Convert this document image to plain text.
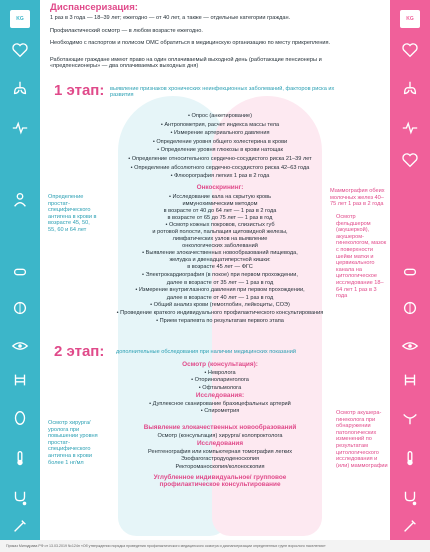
KG	KG
Диспансеризация:
1 раз в 3 года — 18–39 лет; ежегодно — от 40 лет, а также — отдельные категории граждан.
Профилактический осмотр — в любом возрасте ежегодно.
Необходимо с паспортом и полисом ОМС обратиться в медицинскую организацию по месту прикрепления.
Работающие граждане имеют право на один оплачиваемый выходной день (работающие пенсионеры и «предпенсионеры» — два оплачиваемых выходных дня)
1 этап: выявление признаков хронических неинфекционных заболеваний, факторов риска их развития
• Опрос (анкетирование)
• Антропометрия, расчет индекса массы тела
• Измерение артериального давления
• Определение уровня общего холестерина в крови
• Определение уровня глюкозы в крови натощак
• Определение относительного сердечно-сосудистого риска 21–39 лет
• Определение абсолютного сердечно-сосудистого риска 42–63 года
• Флюорография легких 1 раз в 2 года
Онкоскрининг:
• Исследование кала на скрытую кровь
иммунохимическим методом
в возрасте от 40 до 64 лет — 1 раз в 2 года
в возрасте от 65 до 75 лет — 1 раз в год
• Осмотр кожных покровов, слизистых губ
и ротовой полости, пальпация щитовидной железы,
лимфатических узлов на выявление
онкологических заболеваний
• Выявление злокачественных новообразований пищевода,
желудка и двенадцатиперстной кишки:
в возрасте 45 лет — ФГС
• Электрокардиография (в покое) при первом прохождении,
далее в возрасте от 35 лет — 1 раз в год
• Измерение внутриглазного давления при первом прохождении,
далее в возрасте от 40 лет — 1 раз в год
• Общий анализ крови (гемоглобин, лейкоциты, СОЭ)
• Проведение краткого индивидуального профилактического консультирования
• Прием терапевта по результатам первого этапа
Определение простат-специфического антигена в крови в возрасте 45, 50, 55, 60 и 64 лет
Маммография обеих молочных желез 40–75 лет 1 раз в 2 года
Осмотр фельдшером (акушеркой), акушером-гинекологом, мазок с поверхности шейки матки и цервикального канала на цитологическое исследование 18–64 лет 1 раз в 3 года
2 этап: дополнительные обследования при наличии медицинских показаний
Осмотр (консультация):
• Невролога
• Оториноларинголога
• Офтальмолога
Исследования:
• Дуплексное сканирование брахицефальных артерий
• Спирометрия
Выявление злокачественных новообразований
Осмотр (консультация) хирурга/ колопроктолога
Исследования
Рентгенография или компьютерная томография легких
Эзофагогастродуоденоскопия
Ректороманоскопия/колоноскопия
Углубленное индивидуальное/ групповое профилактическое консультирование
Осмотр хирурга/ уролога при повышении уровня простат-специфического антигена в крови более 1 нг/мл
Осмотр акушера-гинеколога при обнаружении патологических изменений по результатам цитологического исследования и (или) маммографии
Приказ Минздрава РФ от 13.03.2019 №124н «Об утверждении порядка проведения профилактического медицинского осмотра и диспансеризации определенных групп взрослого населения»
